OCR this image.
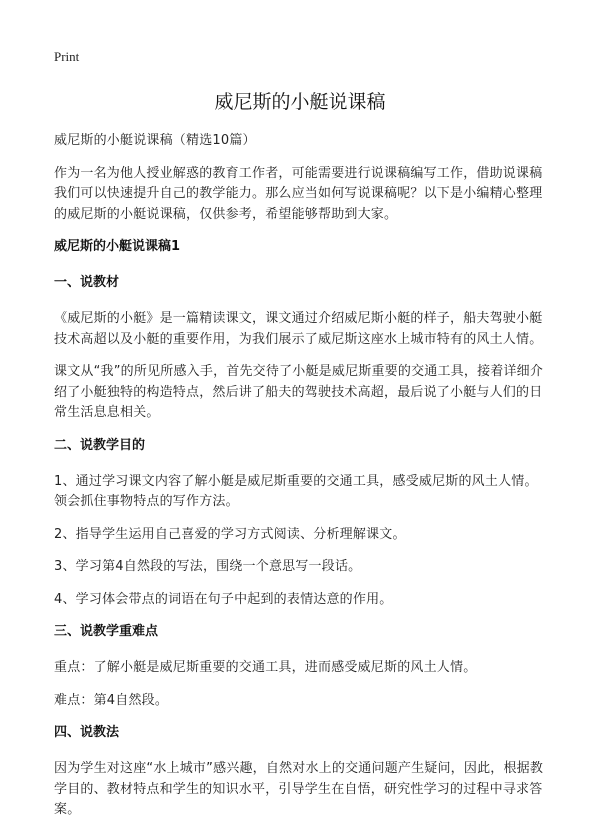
Print
威尼斯的小艇说课稿

威尼斯的小艇说课稿（精选10篇）

作为一名为他人授业解惑的教育工作者，可能需要进行说课稿编写工作，借助说课稿我们可以快速提升自己的教学能力。那么应当如何写说课稿呢？以下是小编精心整理的威尼斯的小艇说课稿，仅供参考，希望能够帮助到大家。

威尼斯的小艇说课稿1
一、说教材

《威尼斯的小艇》是一篇精读课文，课文通过介绍威尼斯小艇的样子，船夫驾驶小艇技术高超以及小艇的重要作用，为我们展示了威尼斯这座水上城市特有的风土人情。

课文从“我”的所见所感入手，首先交待了小艇是威尼斯重要的交通工具，接着详细介绍了小艇独特的构造特点，然后讲了船夫的驾驶技术高超，最后说了小艇与人们的日常生活息息相关。

二、说教学目的

1、通过学习课文内容了解小艇是威尼斯重要的交通工具，感受威尼斯的风土人情。领会抓住事物特点的写作方法。

2、指导学生运用自己喜爱的学习方式阅读、分析理解课文。

3、学习第4自然段的写法，围绕一个意思写一段话。

4、学习体会带点的词语在句子中起到的表情达意的作用。

三、说教学重难点

重点：了解小艇是威尼斯重要的交通工具，进而感受威尼斯的风土人情。

难点：第4自然段。

四、说教法

因为学生对这座“水上城市”感兴趣，自然对水上的交通问题产生疑问，因此，根据教学目的、教材特点和学生的知识水平，引导学生在自悟，研究性学习的过程中寻求答案。
